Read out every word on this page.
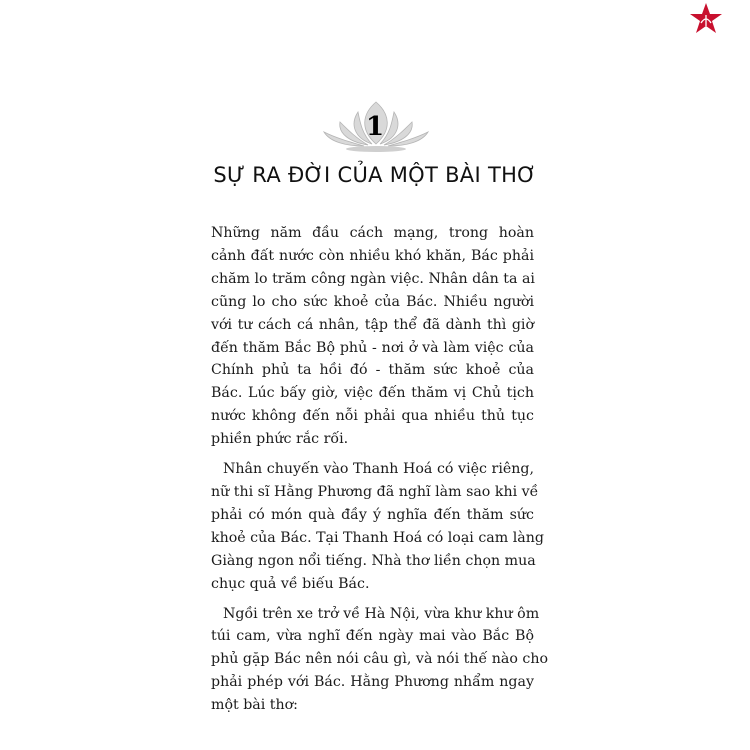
1
SỰ RA ĐỜI CỦA MỘT BÀI THƠ

Những năm đầu cách mạng, trong hoàn
cảnh đất nước còn nhiều khó khăn, Bác phải
chăm lo trăm công ngàn việc. Nhân dân ta ai
cũng lo cho sức khoẻ của Bác. Nhiều người
với tư cách cá nhân, tập thể đã dành thì giờ
đến thăm Bắc Bộ phủ - nơi ở và làm việc của
Chính phủ ta hồi đó - thăm sức khoẻ của
Bác. Lúc bấy giờ, việc đến thăm vị Chủ tịch
nước không đến nỗi phải qua nhiều thủ tục
phiền phức rắc rối.

Nhân chuyến vào Thanh Hoá có việc riêng,
nữ thi sĩ Hằng Phương đã nghĩ làm sao khi về
phải có món quà đầy ý nghĩa đến thăm sức
khoẻ của Bác. Tại Thanh Hoá có loại cam làng
Giàng ngon nổi tiếng. Nhà thơ liền chọn mua
chục quả về biếu Bác.

Ngồi trên xe trở về Hà Nội, vừa khư khư ôm
túi cam, vừa nghĩ đến ngày mai vào Bắc Bộ
phủ gặp Bác nên nói câu gì, và nói thế nào cho
phải phép với Bác. Hằng Phương nhẩm ngay
một bài thơ:
